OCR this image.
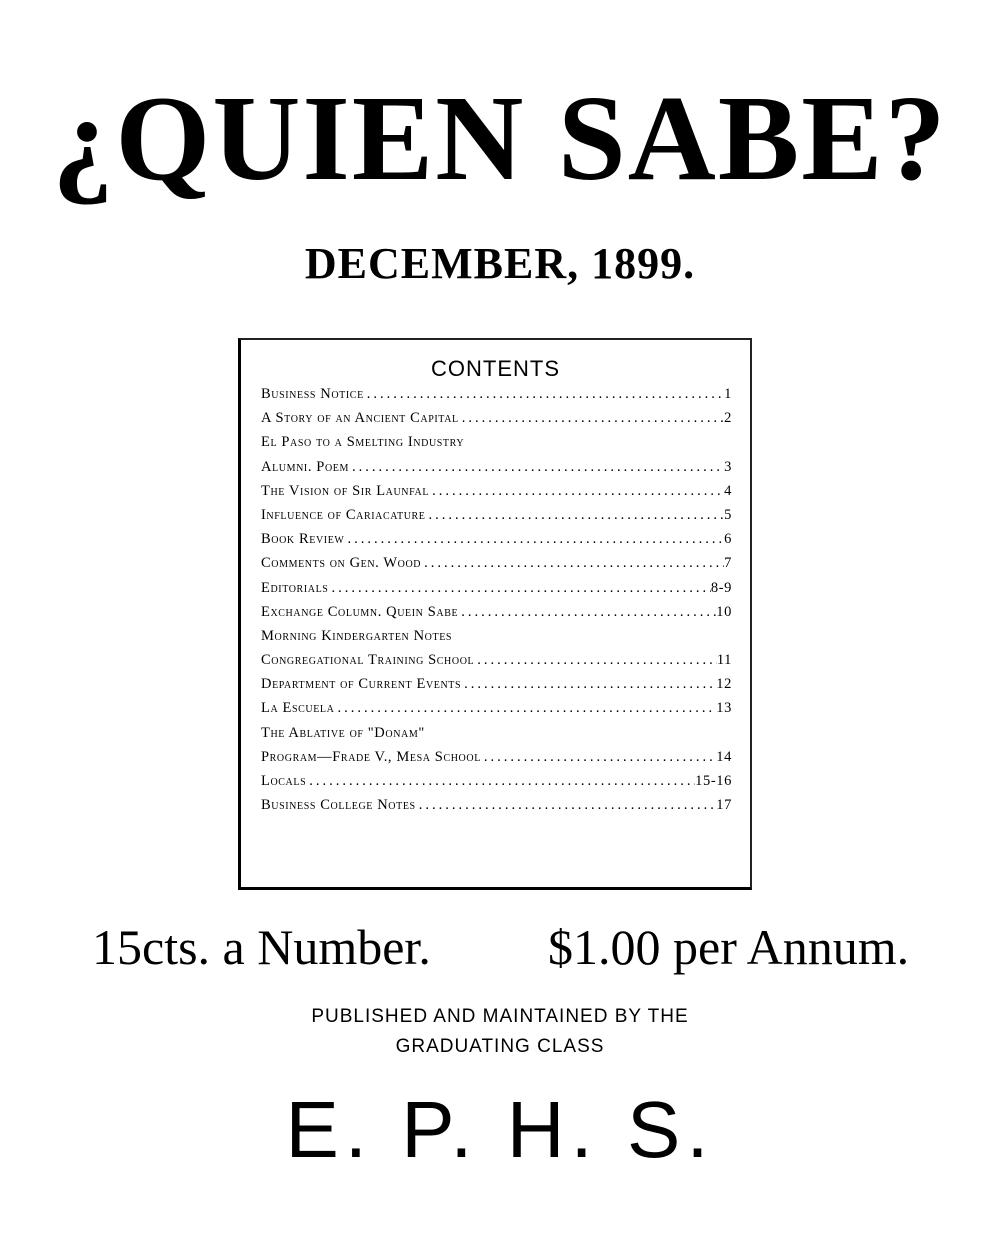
¿QUIEN SABE?
DECEMBER, 1899.
CONTENTS
Business Notice .....	1
A Story of an Ancient Capital .....	2
El Paso to a Smelting Industry
Alumni. Poem .....	3
The Vision of Sir Launfal .....	4
Influence of Cariacature .....	5
Book Review .....	6
Comments on Gen. Wood .....	7
Editorials .....	8-9
Exchange Column. Quein Sabe .....	10
Morning Kindergarten Notes
Congregational Training School .....	11
Department of Current Events .....	12
La Escuela .....	13
The Ablative of "Donam"
Program—Frade V., Mesa School .....	14
Locals .....	15-16
Business College Notes .....	17
15cts. a Number. $1.00 per Annum.
PUBLISHED AND MAINTAINED BY THE
GRADUATING CLASS
E. P. H. S.
